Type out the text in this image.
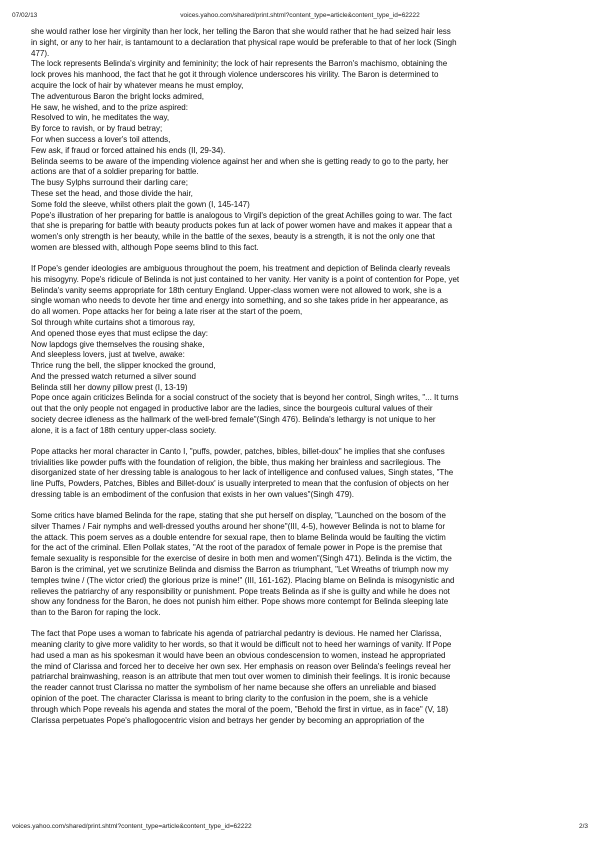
07/02/13	voices.yahoo.com/shared/print.shtml?content_type=article&content_type_id=62222

she would rather lose her virginity than her lock, her telling the Baron that she would rather that he had seized hair less

in sight, or any to her hair, is tantamount to a declaration that physical rape would be preferable to that of her lock (Singh

477).

The lock represents Belinda's virginity and femininity; the lock of hair represents the Barron's machismo, obtaining the

lock proves his manhood, the fact that he got it through violence underscores his virility. The Baron is determined to

acquire the lock of hair by whatever means he must employ,

The adventurous Baron the bright locks admired,

He saw, he wished, and to the prize aspired:

Resolved to win, he meditates the way,

By force to ravish, or by fraud betray;

For when success a lover's toil attends,

Few ask, if fraud or forced attained his ends (II, 29-34).

Belinda seems to be aware of the impending violence against her and when she is getting ready to go to the party, her

actions are that of a soldier preparing for battle.

The busy Sylphs surround their darling care;

These set the head, and those divide the hair,

Some fold the sleeve, whilst others plait the gown (I, 145-147)

Pope's illustration of her preparing for battle is analogous to Virgil's depiction of the great Achilles going to war. The fact

that she is preparing for battle with beauty products pokes fun at lack of power women have and makes it appear that a

women's only strength is her beauty, while in the battle of the sexes, beauty is a strength, it is not the only one that

women are blessed with, although Pope seems blind to this fact.

If Pope's gender ideologies are ambiguous throughout the poem, his treatment and depiction of Belinda clearly reveals

his misogyny. Pope's ridicule of Belinda is not just contained to her vanity. Her vanity is a point of contention for Pope, yet

Belinda's vanity seems appropriate for 18th century England. Upper-class women were not allowed to work, she is a

single woman who needs to devote her time and energy into something, and so she takes pride in her appearance, as

do all women. Pope attacks her for being a late riser at the start of the poem,

Sol through white curtains shot a timorous ray,

And opened those eyes that must eclipse the day:

Now lapdogs give themselves the rousing shake,

And sleepless lovers, just at twelve, awake:

Thrice rung the bell, the slipper knocked the ground,

And the pressed watch returned a silver sound

Belinda still her downy pillow prest (I, 13-19)

Pope once again criticizes Belinda for a social construct of the society that is beyond her control, Singh writes, "... It turns

out that the only people not engaged in productive labor are the ladies, since the bourgeois cultural values of their

society decree idleness as the hallmark of the well-bred female"(Singh 476). Belinda's lethargy is not unique to her

alone, it is a fact of 18th century upper-class society.

Pope attacks her moral character in Canto I, "puffs, powder, patches, bibles, billet-doux" he implies that she confuses

trivialities like powder puffs with the foundation of religion, the bible, thus making her brainless and sacrilegious. The

disorganized state of her dressing table is analogous to her lack of intelligence and confused values, Singh states, "The

line Puffs, Powders, Patches, Bibles and Billet-doux' is usually interpreted to mean that the confusion of objects on her

dressing table is an embodiment of the confusion that exists in her own values"(Singh 479).

Some critics have blamed Belinda for the rape, stating that she put herself on display, "Launched on the bosom of the

silver Thames / Fair nymphs and well-dressed youths around her shone"(III, 4-5), however Belinda is not to blame for

the attack. This poem serves as a double entendre for sexual rape, then to blame Belinda would be faulting the victim

for the act of the criminal. Ellen Pollak states, "At the root of the paradox of female power in Pope is the premise that

female sexuality is responsible for the exercise of desire in both men and women"(Singh 471). Belinda is the victim, the

Baron is the criminal, yet we scrutinize Belinda and dismiss the Barron as triumphant, "Let Wreaths of triumph now my

temples twine / (The victor cried) the glorious prize is mine!" (III, 161-162). Placing blame on Belinda is misogynistic and

relieves the patriarchy of any responsibility or punishment. Pope treats Belinda as if she is guilty and while he does not

show any fondness for the Baron, he does not punish him either. Pope shows more contempt for Belinda sleeping late

than to the Baron for raping the lock.

The fact that Pope uses a woman to fabricate his agenda of patriarchal pedantry is devious. He named her Clarissa,

meaning clarity to give more validity to her words, so that it would be difficult not to heed her warnings of vanity. If Pope

had used a man as his spokesman it would have been an obvious condescension to women, instead he appropriated

the mind of Clarissa and forced her to deceive her own sex. Her emphasis on reason over Belinda's feelings reveal her

patriarchal brainwashing, reason is an attribute that men tout over women to diminish their feelings. It is ironic because

the reader cannot trust Clarissa no matter the symbolism of her name because she offers an unreliable and biased

opinion of the poet. The character Clarissa is meant to bring clarity to the confusion in the poem, she is a vehicle

through which Pope reveals his agenda and states the moral of the poem, "Behold the first in virtue, as in face" (V, 18)

Clarissa perpetuates Pope's phallogocentric vision and betrays her gender by becoming an appropriation of the

voices.yahoo.com/shared/print.shtml?content_type=article&content_type_id=62222	2/3
